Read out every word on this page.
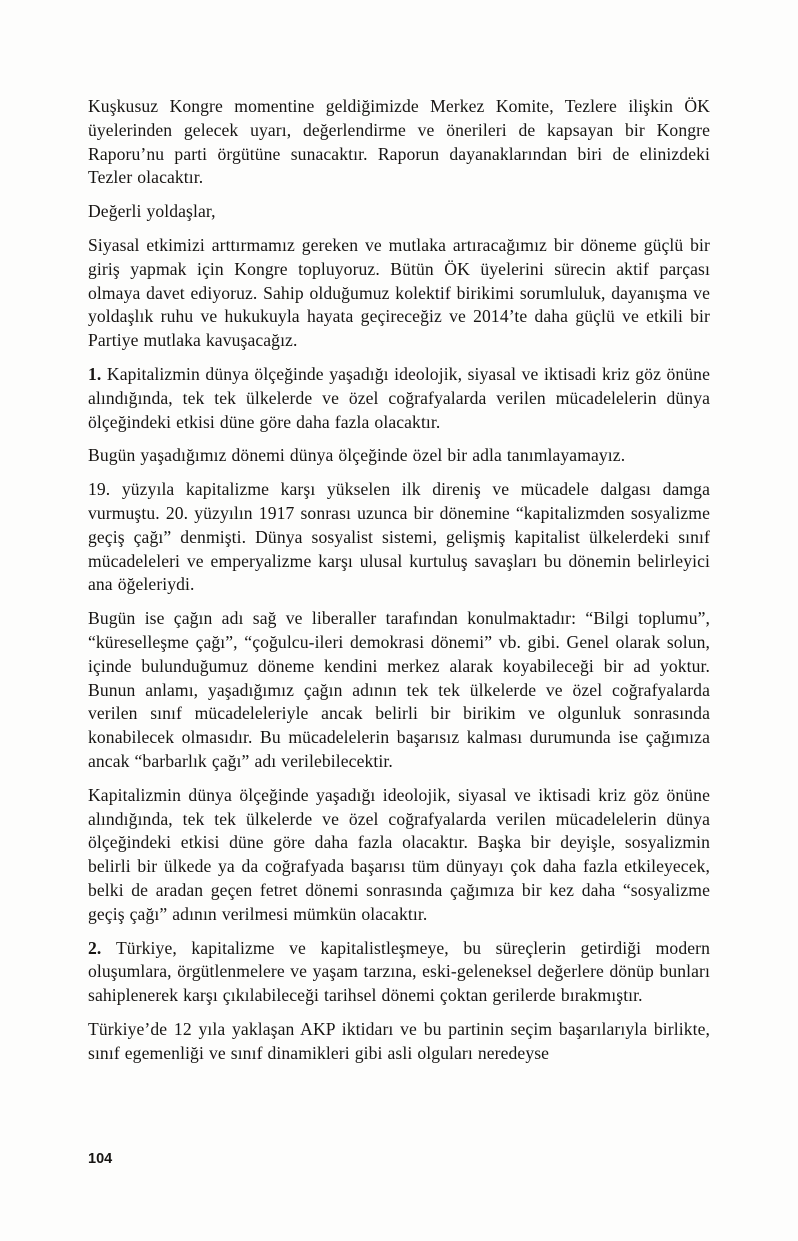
Kuşkusuz Kongre momentine geldiğimizde Merkez Komite, Tezlere ilişkin ÖK üyelerinden gelecek uyarı, değerlendirme ve önerileri de kapsayan bir Kongre Raporu’nu parti örgütüne sunacaktır. Raporun dayanaklarından biri de elinizdeki Tezler olacaktır.

Değerli yoldaşlar,

Siyasal etkimizi arttırmamız gereken ve mutlaka artıracağımız bir döneme güçlü bir giriş yapmak için Kongre topluyoruz. Bütün ÖK üyelerini sürecin aktif parçası olmaya davet ediyoruz. Sahip olduğumuz kolektif birikimi sorumluluk, dayanışma ve yoldaşlık ruhu ve hukukuyla hayata geçireceğiz ve 2014’te daha güçlü ve etkili bir Partiye mutlaka kavuşacağız.

1. Kapitalizmin dünya ölçeğinde yaşadığı ideolojik, siyasal ve iktisadi kriz göz önüne alındığında, tek tek ülkelerde ve özel coğrafyalarda verilen mücadelelerin dünya ölçeğindeki etkisi düne göre daha fazla olacaktır.

Bugün yaşadığımız dönemi dünya ölçeğinde özel bir adla tanımlayamayız.

19. yüzyıla kapitalizme karşı yükselen ilk direniş ve mücadele dalgası damga vurmuştu. 20. yüzyılın 1917 sonrası uzunca bir dönemine “kapitalizmden sosyalizme geçiş çağı” denmişti. Dünya sosyalist sistemi, gelişmiş kapitalist ülkelerdeki sınıf mücadeleleri ve emperyalizme karşı ulusal kurtuluş savaşları bu dönemin belirleyici ana öğeleriydi.

Bugün ise çağın adı sağ ve liberaller tarafından konulmaktadır: “Bilgi toplumu”, “küreselleşme çağı”, “çoğulcu-ileri demokrasi dönemi” vb. gibi. Genel olarak solun, içinde bulunduğumuz döneme kendini merkez alarak koyabileceği bir ad yoktur. Bunun anlamı, yaşadığımız çağın adının tek tek ülkelerde ve özel coğrafyalarda verilen sınıf mücadeleleriyle ancak belirli bir birikim ve olgunluk sonrasında konabilecek olmasıdır. Bu mücadelelerin başarısız kalması durumunda ise çağımıza ancak “barbarlık çağı” adı verilebilecektir.

Kapitalizmin dünya ölçeğinde yaşadığı ideolojik, siyasal ve iktisadi kriz göz önüne alındığında, tek tek ülkelerde ve özel coğrafyalarda verilen mücadelelerin dünya ölçeğindeki etkisi düne göre daha fazla olacaktır. Başka bir deyişle, sosyalizmin belirli bir ülkede ya da coğrafyada başarısı tüm dünyayı çok daha fazla etkileyecek, belki de aradan geçen fetret dönemi sonrasında çağımıza bir kez daha “sosyalizme geçiş çağı” adının verilmesi mümkün olacaktır.

2. Türkiye, kapitalizme ve kapitalistleşmeye, bu süreçlerin getirdiği modern oluşumlara, örgütlenmelere ve yaşam tarzına, eski-geleneksel değerlere dönüp bunları sahiplenerek karşı çıkılabileceği tarihsel dönemi çoktan gerilerde bırakmıştır.

Türkiye’de 12 yıla yaklaşan AKP iktidarı ve bu partinin seçim başarılarıyla birlikte, sınıf egemenliği ve sınıf dinamikleri gibi asli olguları neredeyse

104
